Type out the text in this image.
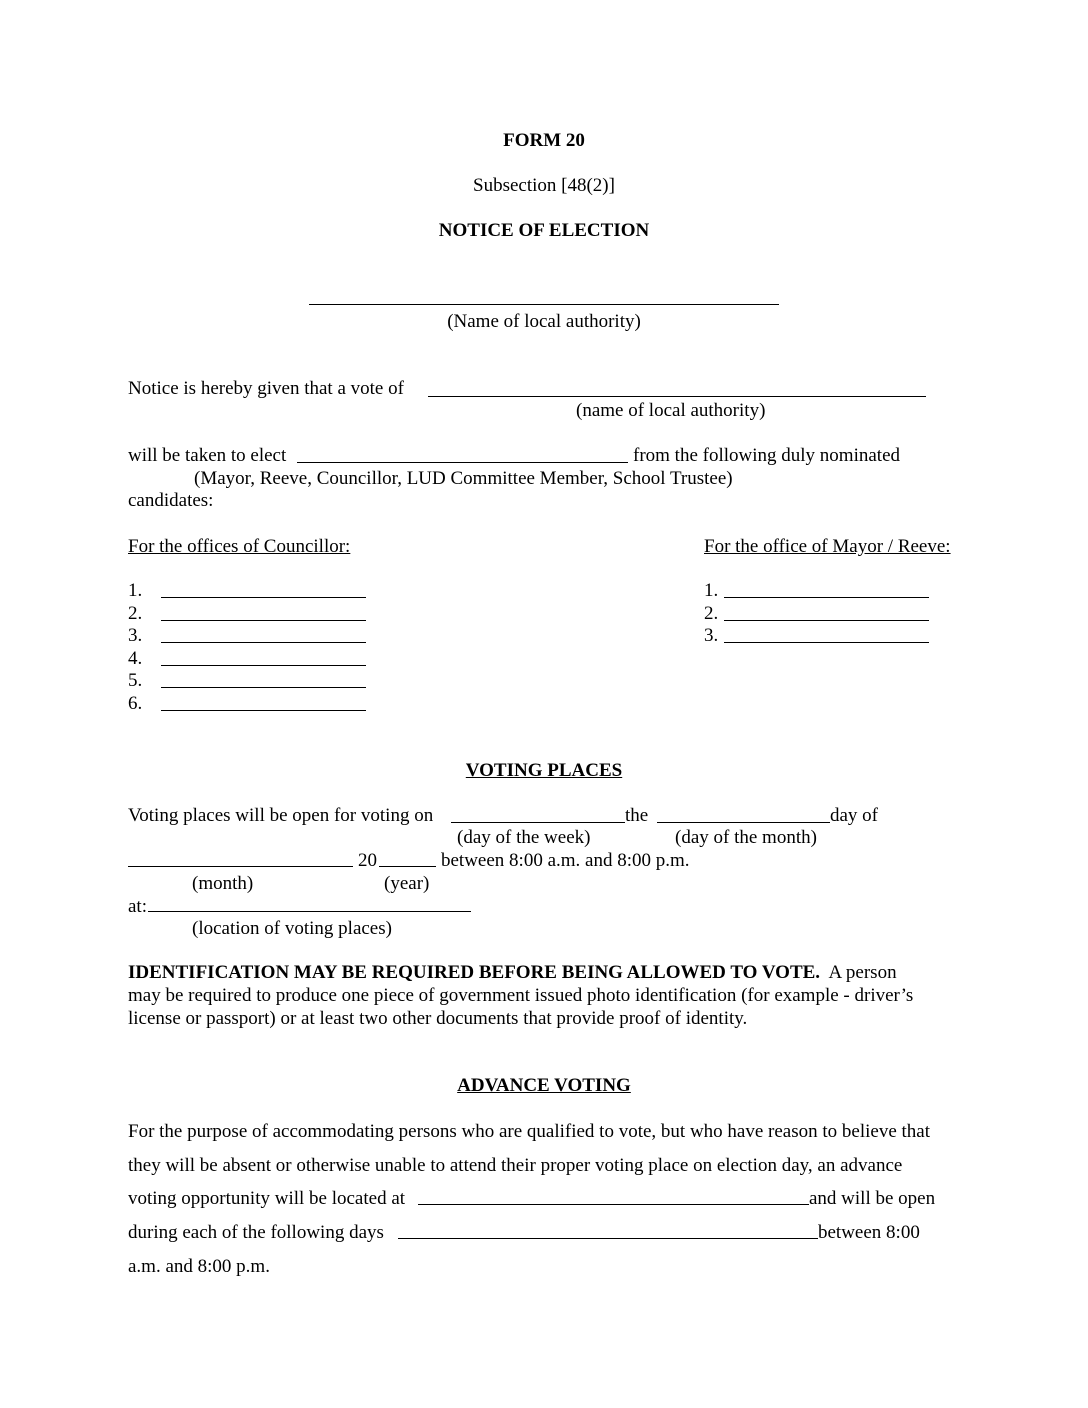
FORM 20
Subsection [48(2)]
NOTICE OF ELECTION
(Name of local authority)
Notice is hereby given that a vote of
(name of local authority)
will be taken to elect	from the following duly nominated
(Mayor, Reeve, Councillor, LUD Committee Member, School Trustee)
candidates:
For the offices of Councillor:
1.
2.
3.
4.
5.
6.
For the office of Mayor / Reeve:
1.
2.
3.
VOTING PLACES
Voting places will be open for voting on	the	day of
(day of the week)	(day of the month)
20	between 8:00 a.m. and 8:00 p.m.
(month)	(year)
at:
(location of voting places)
IDENTIFICATION MAY BE REQUIRED BEFORE BEING ALLOWED TO VOTE. A person
may be required to produce one piece of government issued photo identification (for example - driver’s
license or passport) or at least two other documents that provide proof of identity.
ADVANCE VOTING
For the purpose of accommodating persons who are qualified to vote, but who have reason to believe that
they will be absent or otherwise unable to attend their proper voting place on election day, an advance
voting opportunity will be located at	and will be open
during each of the following days	between 8:00
a.m. and 8:00 p.m.
